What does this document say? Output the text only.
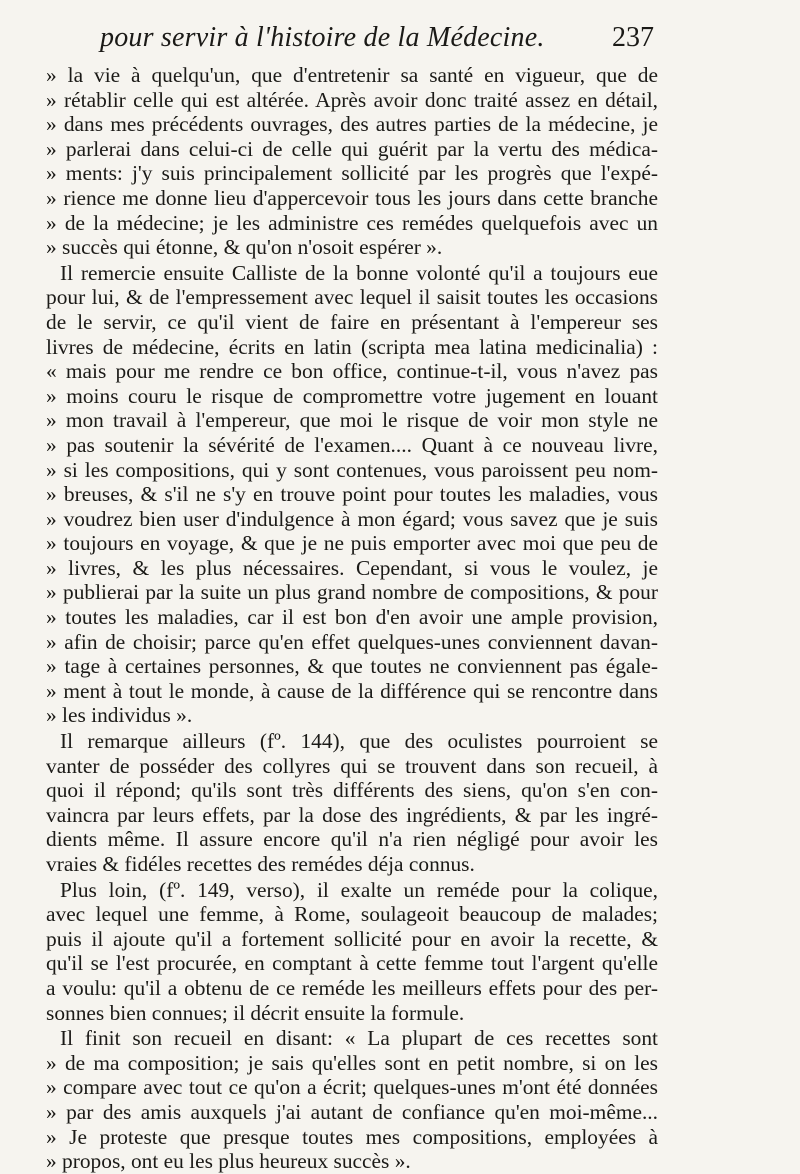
pour servir à l'histoire de la Médecine. 237
» la vie à quelqu'un, que d'entretenir sa santé en vigueur, que de
» rétablir celle qui est altérée. Après avoir donc traité assez en détail,
» dans mes précédents ouvrages, des autres parties de la médecine, je
» parlerai dans celui-ci de celle qui guérit par la vertu des médica-
» ments: j'y suis principalement sollicité par les progrès que l'expé-
» rience me donne lieu d'appercevoir tous les jours dans cette branche
» de la médecine; je les administre ces remédes quelquefois avec un
» succès qui étonne, & qu'on n'osoit espérer ».
Il remercie ensuite Calliste de la bonne volonté qu'il a toujours eue
pour lui, & de l'empressement avec lequel il saisit toutes les occasions
de le servir, ce qu'il vient de faire en présentant à l'empereur ses
livres de médecine, écrits en latin (scripta mea latina medicinalia) :
« mais pour me rendre ce bon office, continue-t-il, vous n'avez pas
» moins couru le risque de compromettre votre jugement en louant
» mon travail à l'empereur, que moi le risque de voir mon style ne
» pas soutenir la sévérité de l'examen.... Quant à ce nouveau livre,
» si les compositions, qui y sont contenues, vous paroissent peu nom-
» breuses, & s'il ne s'y en trouve point pour toutes les maladies, vous
» voudrez bien user d'indulgence à mon égard; vous savez que je suis
» toujours en voyage, & que je ne puis emporter avec moi que peu de
» livres, & les plus nécessaires. Cependant, si vous le voulez, je
» publierai par la suite un plus grand nombre de compositions, & pour
» toutes les maladies, car il est bon d'en avoir une ample provision,
» afin de choisir; parce qu'en effet quelques-unes conviennent davan-
» tage à certaines personnes, & que toutes ne conviennent pas égale-
» ment à tout le monde, à cause de la différence qui se rencontre dans
» les individus ».
Il remarque ailleurs (fº. 144), que des oculistes pourroient se
vanter de posséder des collyres qui se trouvent dans son recueil, à
quoi il répond; qu'ils sont très différents des siens, qu'on s'en con-
vaincra par leurs effets, par la dose des ingrédients, & par les ingré-
dients même. Il assure encore qu'il n'a rien négligé pour avoir les
vraies & fidéles recettes des remédes déja connus.
Plus loin, (fº. 149, verso), il exalte un reméde pour la colique,
avec lequel une femme, à Rome, soulageoit beaucoup de malades;
puis il ajoute qu'il a fortement sollicité pour en avoir la recette, &
qu'il se l'est procurée, en comptant à cette femme tout l'argent qu'elle
a voulu: qu'il a obtenu de ce reméde les meilleurs effets pour des per-
sonnes bien connues; il décrit ensuite la formule.
Il finit son recueil en disant: « La plupart de ces recettes sont
» de ma composition; je sais qu'elles sont en petit nombre, si on les
» compare avec tout ce qu'on a écrit; quelques-unes m'ont été données
» par des amis auxquels j'ai autant de confiance qu'en moi-même...
» Je proteste que presque toutes mes compositions, employées à
» propos, ont eu les plus heureux succès ».
